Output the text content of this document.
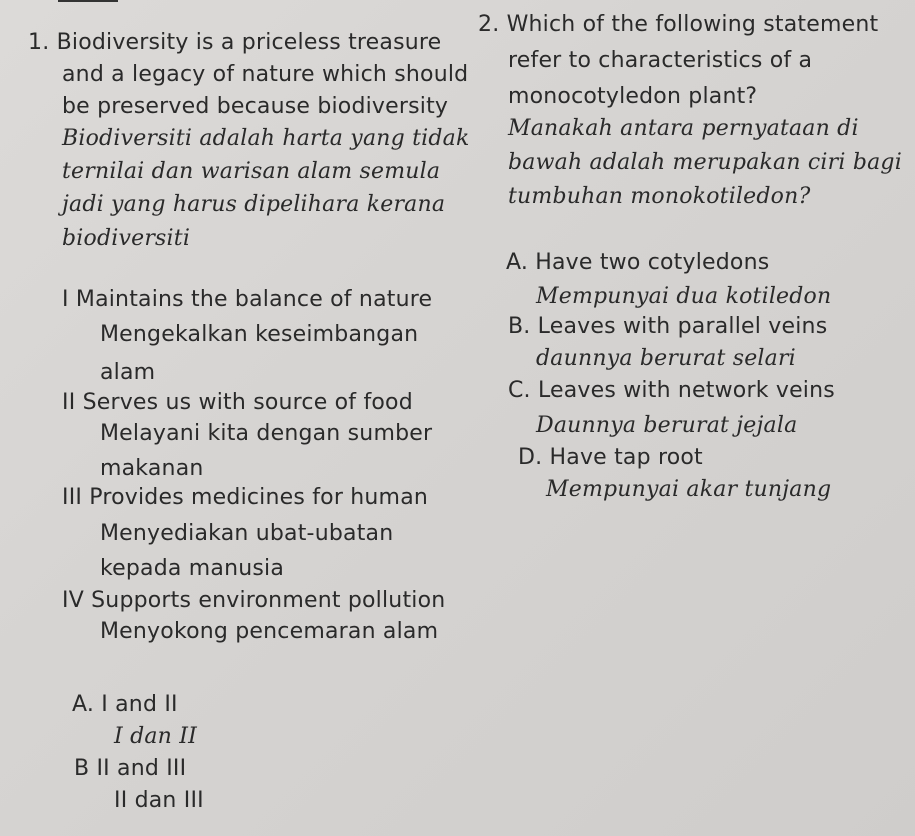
1. Biodiversity is a priceless treasure
and a legacy of nature which should
be preserved because biodiversity
Biodiversiti adalah harta yang tidak
ternilai dan warisan alam semula
jadi yang harus dipelihara kerana
biodiversiti
I Maintains the balance of nature
Mengekalkan keseimbangan
alam
II Serves us with source of food
Melayani kita dengan sumber
makanan
III Provides medicines for human
Menyediakan ubat-ubatan
kepada manusia
IV Supports environment pollution
Menyokong pencemaran alam
A. I and II
I dan II
B II and III
II dan III
2. Which of the following statement
refer to characteristics of a
monocotyledon plant?
Manakah antara pernyataan di
bawah adalah merupakan ciri bagi
tumbuhan monokotiledon?
A. Have two cotyledons
Mempunyai dua kotiledon
B. Leaves with parallel veins
daunnya berurat selari
C. Leaves with network veins
Daunnya berurat jejala
D. Have tap root
Mempunyai akar tunjang
